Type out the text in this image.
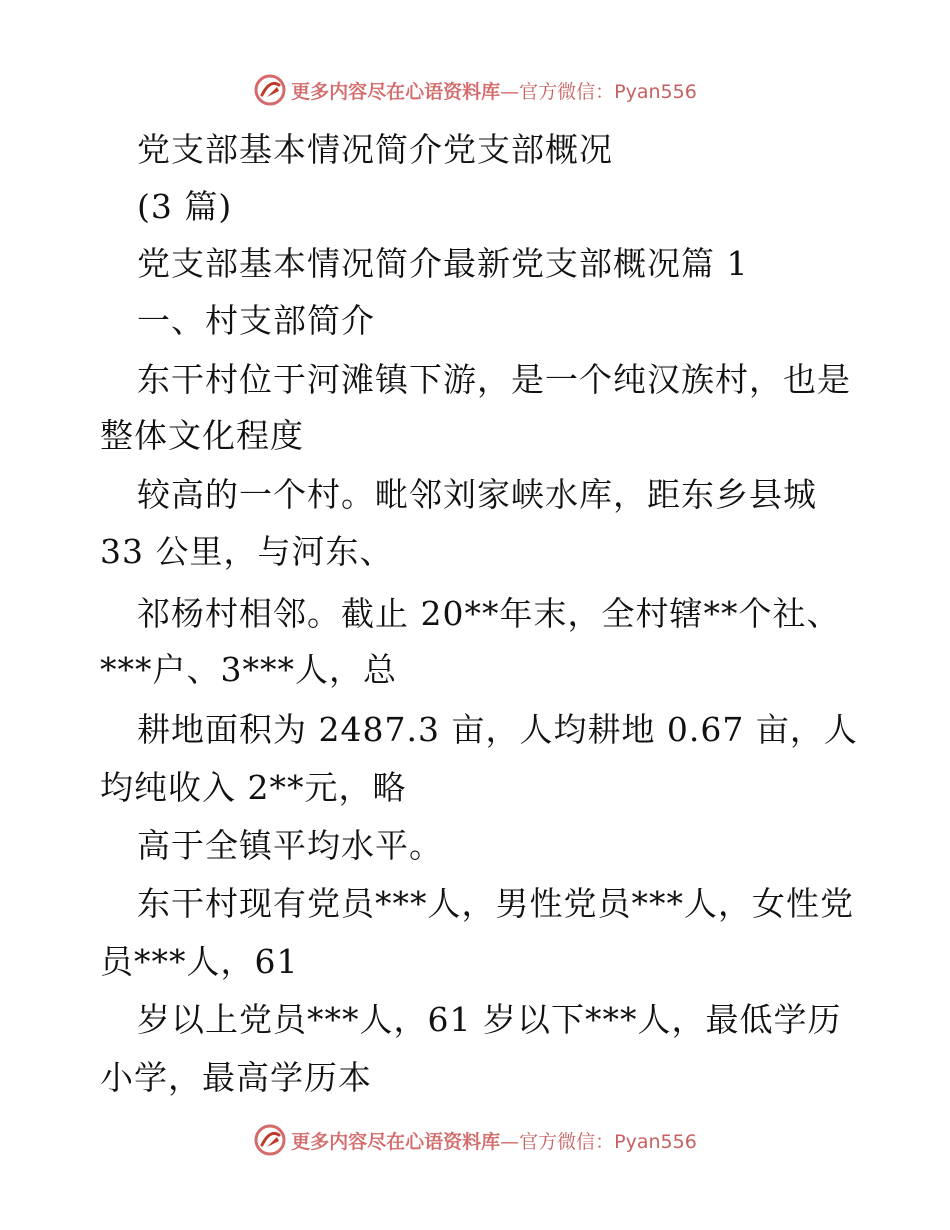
更多内容尽在心语资料库—官方微信：Pyan556
党支部基本情况简介党支部概况
(3 篇)
党支部基本情况简介最新党支部概况篇 1
一、村支部简介
东干村位于河滩镇下游，是一个纯汉族村，也是
整体文化程度
较高的一个村。毗邻刘家峡水库，距东乡县城
33 公里，与河东、
祁杨村相邻。截止 20**年末，全村辖**个社、
***户、3***人，总
耕地面积为 2487.3 亩，人均耕地 0.67 亩，人
均纯收入 2**元，略
高于全镇平均水平。
东干村现有党员***人，男性党员***人，女性党
员***人，61
岁以上党员***人，61 岁以下***人，最低学历
小学，最高学历本
更多内容尽在心语资料库—官方微信：Pyan556
